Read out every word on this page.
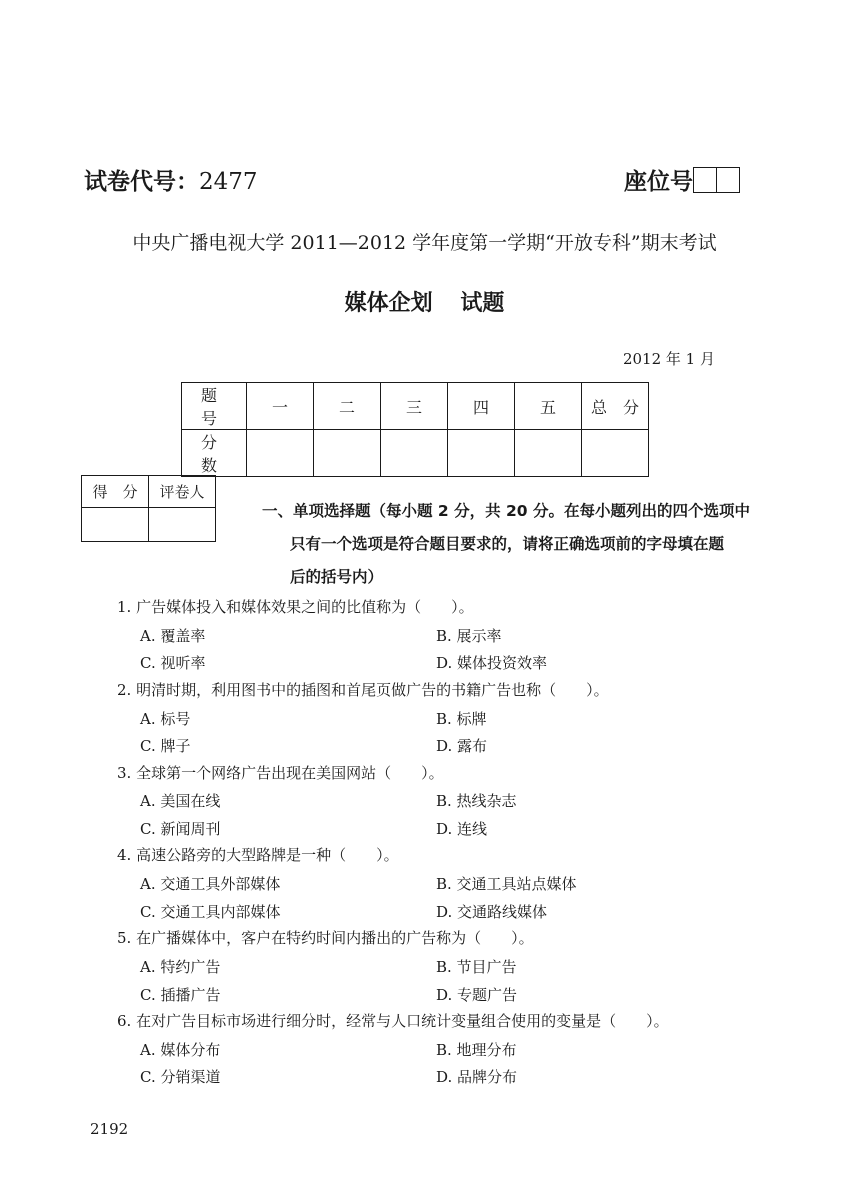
试卷代号：2477	座位号
中央广播电视大学 2011—2012 学年度第一学期“开放专科”期末考试
媒体企划 试题
2012 年 1 月
题　号	一	二	三	四	五	总　分
分　数						
得　分	评卷人

一、单项选择题（每小题 2 分，共 20 分。在每小题列出的四个选项中

只有一个选项是符合题目要求的，请将正确选项前的字母填在题

后的括号内）

1. 广告媒体投入和媒体效果之间的比值称为（　　）。
A. 覆盖率	B. 展示率
C. 视听率	D. 媒体投资效率
2. 明清时期，利用图书中的插图和首尾页做广告的书籍广告也称（　　）。
A. 标号	B. 标牌
C. 牌子	D. 露布
3. 全球第一个网络广告出现在美国网站（　　）。
A. 美国在线	B. 热线杂志
C. 新闻周刊	D. 连线
4. 高速公路旁的大型路牌是一种（　　）。
A. 交通工具外部媒体	B. 交通工具站点媒体
C. 交通工具内部媒体	D. 交通路线媒体
5. 在广播媒体中，客户在特约时间内播出的广告称为（　　）。
A. 特约广告	B. 节目广告
C. 插播广告	D. 专题广告
6. 在对广告目标市场进行细分时，经常与人口统计变量组合使用的变量是（　　）。
A. 媒体分布	B. 地理分布
C. 分销渠道	D. 品牌分布
2192
